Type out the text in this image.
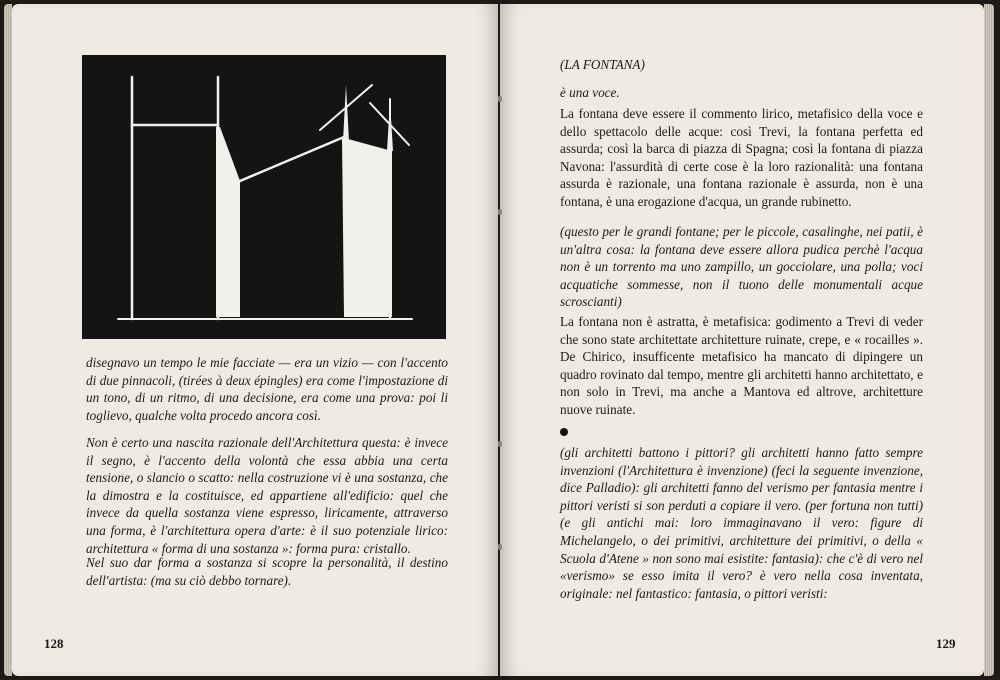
disegnavo un tempo le mie facciate — era un vizio — con l'accento di due pinnacoli, (tirées à deux épingles) era come l'impostazione di un tono, di un ritmo, di una decisione, era come una prova: poi li toglievo, qualche volta procedo ancora così.

Non è certo una nascita razionale dell'Architettura questa: è invece il segno, è l'accento della volontà che essa abbia una certa tensione, o slancio o scatto: nella costruzione vi è una sostanza, che la dimostra e la costituisce, ed appartiene all'edificio: quel che invece da quella sostanza viene espresso, liricamente, attraverso una forma, è l'architettura opera d'arte: è il suo potenziale lirico: architettura « forma di una sostanza »: forma pura: cristallo.

Nel suo dar forma a sostanza si scopre la personalità, il destino dell'artista: (ma su ciò debbo tornare).

128
(LA FONTANA)
è una voce.

La fontana deve essere il commento lirico, metafisico della voce e dello spettacolo delle acque: così Trevi, la fontana perfetta ed assurda; così la barca di piazza di Spagna; così la fontana di piazza Navona: l'assurdità di certe cose è la loro razionalità: una fontana assurda è razionale, una fontana razionale è assurda, non è una fontana, è una erogazione d'acqua, un grande rubinetto.

(questo per le grandi fontane; per le piccole, casalinghe, nei patii, è un'altra cosa: la fontana deve essere allora pudica perchè l'acqua non è un torrento ma uno zampillo, un gocciolare, una polla; voci acquatiche sommesse, non il tuono delle monumentali acque scroscianti)

La fontana non è astratta, è metafisica: godimento a Trevi di veder che sono state architettate architetture ruinate, crepe, e « rocailles ». De Chirico, insufficente metafisico ha mancato di dipingere un quadro rovinato dal tempo, mentre gli architetti hanno architettato, e non solo in Trevi, ma anche a Mantova ed altrove, architetture nuove ruinate.

(gli architetti battono i pittori? gli architetti hanno fatto sempre invenzioni (l'Architettura è invenzione) (feci la seguente invenzione, dice Palladio): gli architetti fanno del verismo per fantasia mentre i pittori veristi si son perduti a copiare il vero. (per fortuna non tutti) (e gli antichi mai: loro immaginavano il vero: figure di Michelangelo, o dei primitivi, architetture dei primitivi, o della « Scuola d'Atene » non sono mai esistite: fantasia): che c'è di vero nel «verismo» se esso imita il vero? è vero nella cosa inventata, originale: nel fantastico: fantasia, o pittori veristi:

129
